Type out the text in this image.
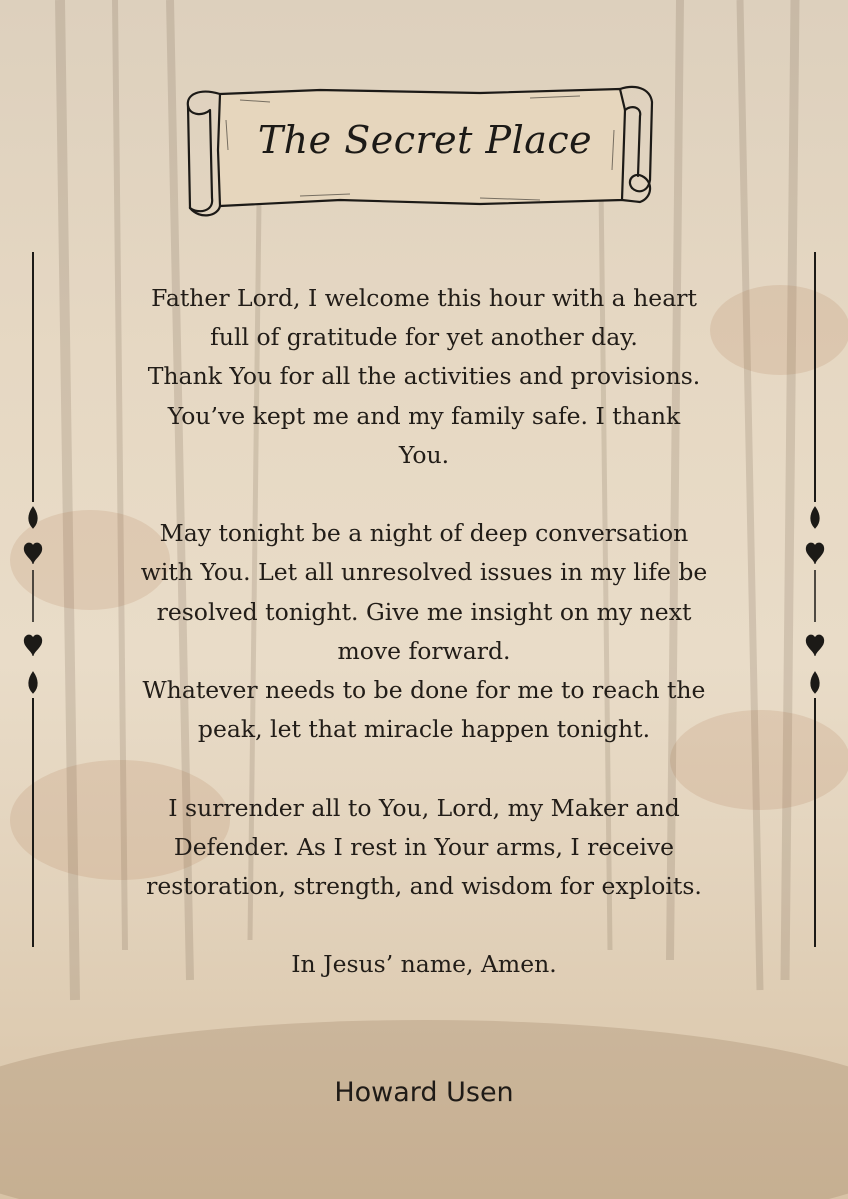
The Secret Place
Father Lord, I welcome this hour with a heart
full of gratitude for yet another day.
Thank You for all the activities and provisions.
You’ve kept me and my family safe. I thank
You.
May tonight be a night of deep conversation
with You. Let all unresolved issues in my life be
resolved tonight. Give me insight on my next
move forward.
Whatever needs to be done for me to reach the
peak, let that miracle happen tonight.
I surrender all to You, Lord, my Maker and
Defender. As I rest in Your arms, I receive
restoration, strength, and wisdom for exploits.
In Jesus’ name, Amen.
Howard Usen
